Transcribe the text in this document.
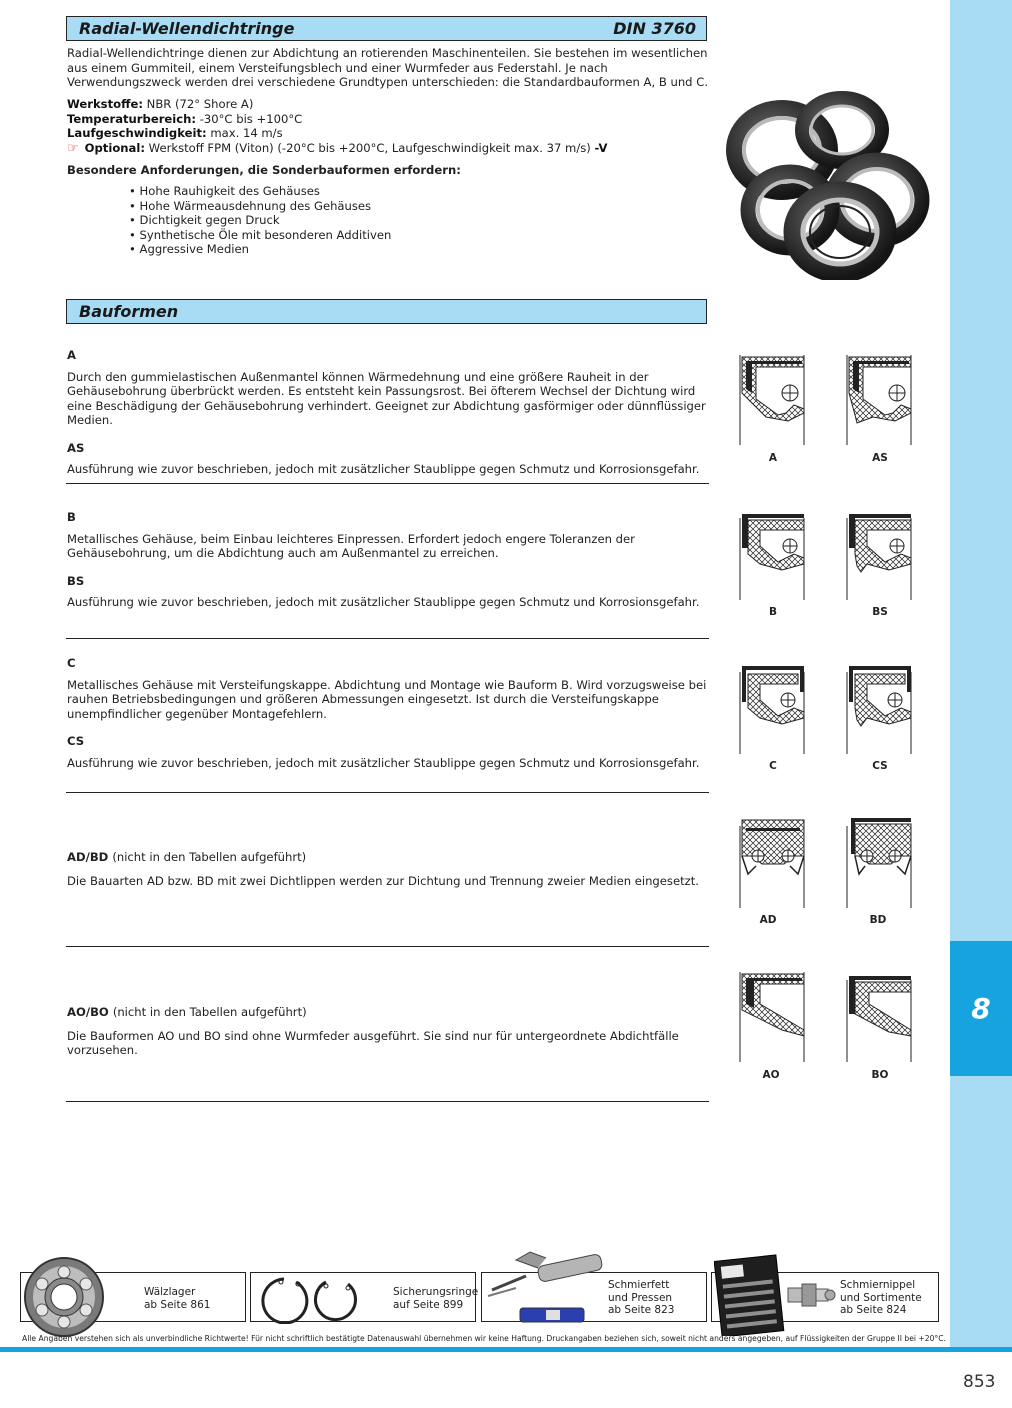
8
Radial-Wellendichtringe	DIN 3760
Radial-Wellendichtringe dienen zur Abdichtung an rotierenden Maschinenteilen. Sie bestehen im wesentlichen aus einem Gummiteil, einem Versteifungsblech und einer Wurmfeder aus Federstahl. Je nach Verwendungszweck werden drei verschiedene Grundtypen unterschieden: die Standardbauformen A, B und C.
Werkstoffe: NBR (72° Shore A)
Temperaturbereich: -30°C bis +100°C
Laufgeschwindigkeit: max. 14 m/s
☞ Optional: Werkstoff FPM (Viton) (-20°C bis +200°C, Laufgeschwindigkeit max. 37 m/s) -V
Besondere Anforderungen, die Sonderbauformen erfordern:
• Hohe Rauhigkeit des Gehäuses
• Hohe Wärmeausdehnung des Gehäuses
• Dichtigkeit gegen Druck
• Synthetische Öle mit besonderen Additiven
• Aggressive Medien
Bauformen
A
Durch den gummielastischen Außenmantel können Wärmedehnung und eine größere Rauheit in der Gehäusebohrung überbrückt werden. Es entsteht kein Passungsrost. Bei öfterem Wechsel der Dichtung wird eine Beschädigung der Gehäusebohrung verhindert. Geeignet zur Abdichtung gasförmiger oder dünnflüssiger Medien.
AS
Ausführung wie zuvor beschrieben, jedoch mit zusätzlicher Staublippe gegen Schmutz und Korrosionsgefahr.
B
Metallisches Gehäuse, beim Einbau leichteres Einpressen. Erfordert jedoch engere Toleranzen der Gehäusebohrung, um die Abdichtung auch am Außenmantel zu erreichen.
BS
Ausführung wie zuvor beschrieben, jedoch mit zusätzlicher Staublippe gegen Schmutz und Korrosionsgefahr.
C
Metallisches Gehäuse mit Versteifungskappe. Abdichtung und Montage wie Bauform B. Wird vorzugsweise bei rauhen Betriebsbedingungen und größeren Abmessungen eingesetzt. Ist durch die Versteifungskappe unempfindlicher gegenüber Montagefehlern.
CS
Ausführung wie zuvor beschrieben, jedoch mit zusätzlicher Staublippe gegen Schmutz und Korrosionsgefahr.
AD/BD (nicht in den Tabellen aufgeführt)
Die Bauarten AD bzw. BD mit zwei Dichtlippen werden zur Dichtung und Trennung zweier Medien eingesetzt.
AO/BO (nicht in den Tabellen aufgeführt)
Die Bauformen AO und BO sind ohne Wurmfeder ausgeführt. Sie sind nur für untergeordnete Abdichtfälle vorzusehen.
A	AS
B	BS
C	CS
AD	BD
AO	BO
Wälzlager
ab Seite 861
Sicherungsringe
auf Seite 899
Schmierfett
und Pressen
ab Seite 823
Schmiernippel
und Sortimente
ab Seite 824
Alle Angaben verstehen sich als unverbindliche Richtwerte! Für nicht schriftlich bestätigte Datenauswahl übernehmen wir keine Haftung. Druckangaben beziehen sich, soweit nicht anders angegeben, auf Flüssigkeiten der Gruppe II bei +20°C.
853
